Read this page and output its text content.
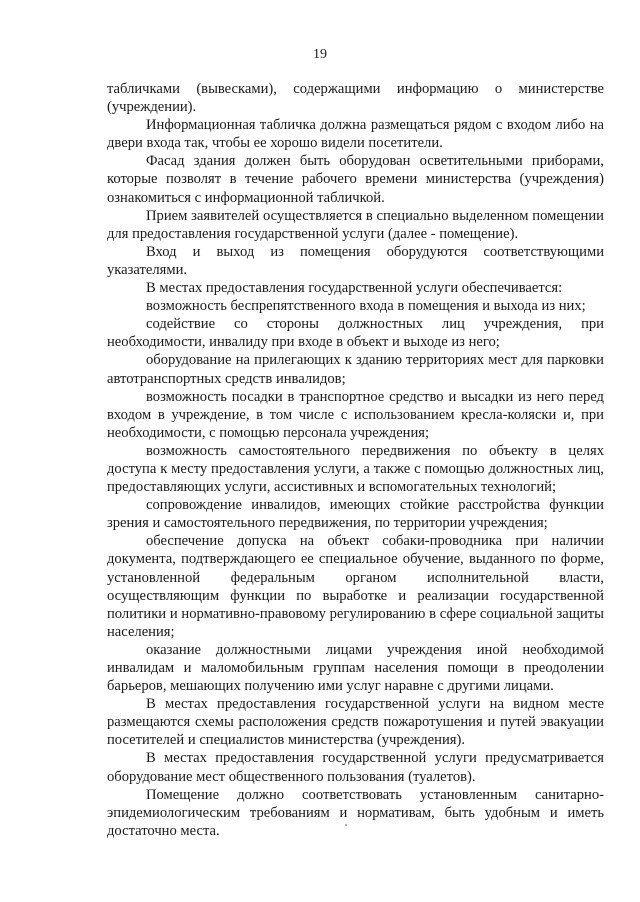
19

табличками (вывесками), содержащими информацию о министерстве (учреждении).

Информационная табличка должна размещаться рядом с входом либо на двери входа так, чтобы ее хорошо видели посетители.

Фасад здания должен быть оборудован осветительными приборами, которые позволят в течение рабочего времени министерства (учреждения) ознакомиться с информационной табличкой.

Прием заявителей осуществляется в специально выделенном помещении для предоставления государственной услуги (далее - помещение).

Вход и выход из помещения оборудуются соответствующими указателями.

В местах предоставления государственной услуги обеспечивается:

возможность беспрепятственного входа в помещения и выхода из них;

содействие со стороны должностных лиц учреждения, при необходимости, инвалиду при входе в объект и выходе из него;

оборудование на прилегающих к зданию территориях мест для парковки автотранспортных средств инвалидов;

возможность посадки в транспортное средство и высадки из него перед входом в учреждение, в том числе с использованием кресла-коляски и, при необходимости, с помощью персонала учреждения;

возможность самостоятельного передвижения по объекту в целях доступа к месту предоставления услуги, а также с помощью должностных лиц, предоставляющих услуги, ассистивных и вспомогательных технологий;

сопровождение инвалидов, имеющих стойкие расстройства функции зрения и самостоятельного передвижения, по территории учреждения;

обеспечение допуска на объект собаки-проводника при наличии документа, подтверждающего ее специальное обучение, выданного по форме, установленной федеральным органом исполнительной власти, осуществляющим функции по выработке и реализации государственной политики и нормативно-правовому регулированию в сфере социальной защиты населения;

оказание должностными лицами учреждения иной необходимой инвалидам и маломобильным группам населения помощи в преодолении барьеров, мешающих получению ими услуг наравне с другими лицами.

В местах предоставления государственной услуги на видном месте размещаются схемы расположения средств пожаротушения и путей эвакуации посетителей и специалистов министерства (учреждения).

В местах предоставления государственной услуги предусматривается оборудование мест общественного пользования (туалетов).

Помещение должно соответствовать установленным санитарно-эпидемиологическим требованиям и нормативам, быть удобным и иметь достаточно места.
